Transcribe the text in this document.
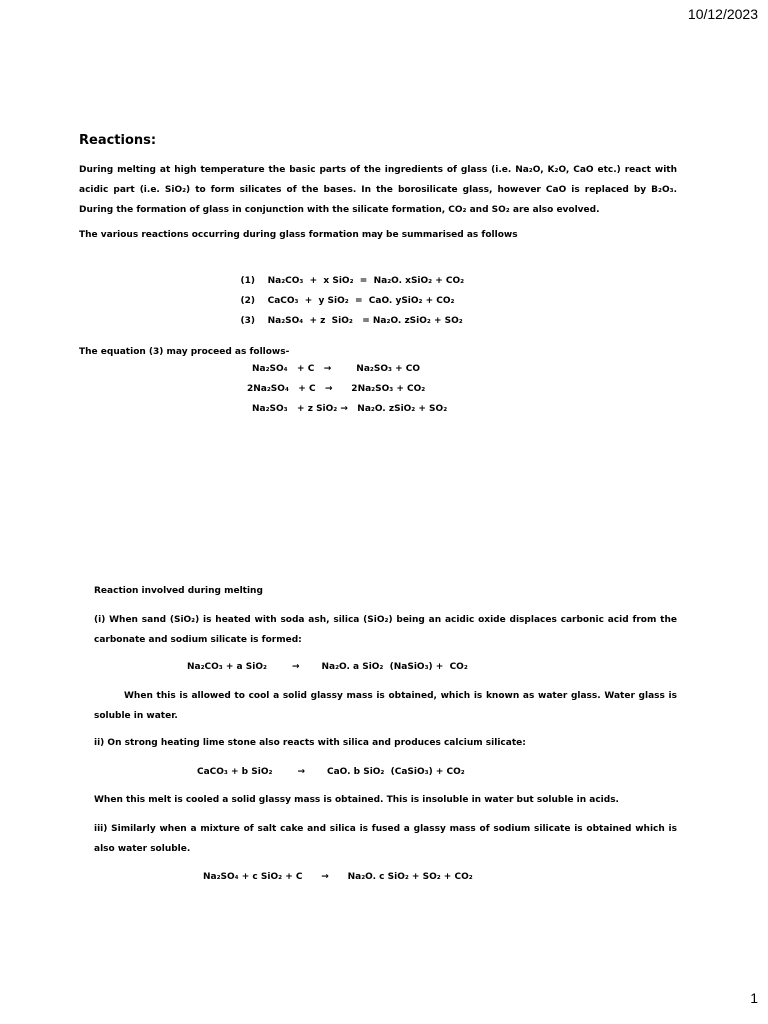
10/12/2023
Reactions:
During melting at high temperature the basic parts of the ingredients of glass (i.e. Na₂O, K₂O, CaO etc.) react with acidic part (i.e. SiO₂) to form silicates of the bases. In the borosilicate glass, however CaO is replaced by B₂O₃. During the formation of glass in conjunction with the silicate formation, CO₂ and SO₂ are also evolved.
The various reactions occurring during glass formation may be summarised as follows

(1) Na₂CO₃  +  x SiO₂  =  Na₂O. xSiO₂ + CO₂

(2) CaCO₃  +  y SiO₂  =  CaO. ySiO₂ + CO₂

(3) Na₂SO₄  + z  SiO₂   = Na₂O. zSiO₂ + SO₂

The equation (3) may proceed as follows-
Na₂SO₄   + C   →        Na₂SO₃ + CO
2Na₂SO₄   + C   →      2Na₂SO₃ + CO₂
Na₂SO₃   + z SiO₂ →   Na₂O. zSiO₂ + SO₂
Reaction involved during melting
(i) When sand (SiO₂) is heated with soda ash, silica (SiO₂) being an acidic oxide displaces carbonic acid from the carbonate and sodium silicate is formed:
Na₂CO₃ + a SiO₂        →       Na₂O. a SiO₂  (NaSiO₃) +  CO₂
When this is allowed to cool a solid glassy mass is obtained, which is known as water glass. Water glass is soluble in water.
ii) On strong heating lime stone also reacts with silica and produces calcium silicate:
CaCO₃ + b SiO₂        →       CaO. b SiO₂  (CaSiO₃) + CO₂
When this melt is cooled a solid glassy mass is obtained. This is insoluble in water but soluble in acids.
iii) Similarly when a mixture of salt cake and silica is fused a glassy mass of sodium silicate is obtained which is also water soluble.
Na₂SO₄ + c SiO₂ + C      →      Na₂O. c SiO₂ + SO₂ + CO₂
1
